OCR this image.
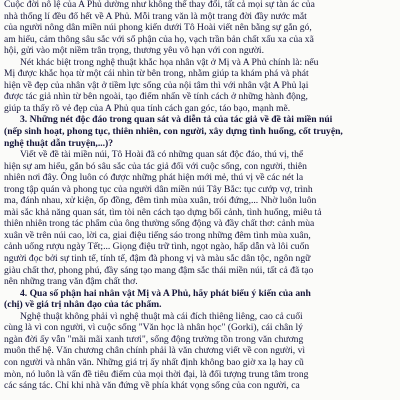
Cuộc đời nô lệ của A Phủ dường như không thể thay đổi, tất cả mọi sự tàn ác của
nhà thống lí đều đổ hết về A Phủ. Mỗi trang văn là một trang đời đầy nước mắt
của người nông dân miền núi phong kiến dưới Tô Hoài viết nên bằng sự gắn gó,
am hiểu, cảm thông sâu sắc với số phận của họ, vạch trần bản chất xấu xa của xã
hội, gửi vào một niềm trân trọng, thương yêu vô hạn với con người.
Nét khác biệt trong nghệ thuật khắc họa nhân vật ở Mị và A Phủ chính là: nếu
Mị được khắc họa từ một cái nhìn từ bên trong, nhằm giúp ta khám phá và phát
hiện về đẹp của nhân vật ở tiềm lực sống của nội tâm thì với nhân vật A Phủ lại
được tác giả nhìn từ bên ngoài, tạo điểm nhấn về tính cách ở những hành động,
giúp ta thấy rõ vẻ đẹp của A Phủ qua tính cách gan góc, táo bạo, mạnh mẽ.
3. Những nét độc đáo trong quan sát và diễn tả của tác giả về đề tài miền núi
(nếp sinh hoạt, phong tục, thiên nhiên, con người, xây dựng tình huống, cốt truyện,
nghệ thuật dẫn truyện,...)?
Viết về đề tài miền núi, Tô Hoài đã có những quan sát độc đáo, thú vị, thể
hiện sự am hiểu, gắn bó sâu sắc của tác giả đối với cuộc sống, con người, thiên
nhiên nơi đây. Ông luôn có được những phát hiện mới mẻ, thú vị về các nét la
trong tập quán và phong tục của người dân miền núi Tây Bắc: tục cướp vợ, trình
ma, đánh nhau, xử kiện, ốp đồng, đêm tình mùa xuân, trói đứng,... Nhờ luôn luôn
mài sắc khả năng quan sát, tìm tòi nên cách tạo dựng bối cảnh, tình huống, miêu tả
thiên nhiên trong tác phẩm của ông thường sống động và đầy chất thơ: cảnh mùa
xuân về trên núi cao, lời ca, giai điệu tiếng sáo trong những đêm tình mùa xuân,
cảnh uống rượu ngày Tết;... Giọng điệu trữ tình, ngọt ngào, hấp dẫn và lôi cuốn
người đọc bởi sự tinh tế, tính tế, đậm đà phong vị và màu sắc dân tộc, ngôn ngữ
giàu chất thơ, phong phú, đầy sáng tạo mang đậm sắc thái miền núi, tất cả đã tạo
nên những trang văn đậm chất thơ.
4. Qua số phận hai nhân vật Mị và A Phủ, hãy phát biểu ý kiến của anh
(chị) về giá trị nhân đạo của tác phẩm.
Nghệ thuật không phải vì nghệ thuật mà cái đích thiêng liêng, cao cả cuối
cùng là vì con người, vì cuộc sống "Văn học là nhân học" (Gorki), cái chân lý
ngàn đời ấy vẫn "mãi mãi xanh tươi", sống động trường tồn trong văn chương
muôn thế hệ. Văn chương chân chính phải là văn chương viết về con người, vì
con người và nhân văn. Những giá trị ấy nhất định không bao giờ xa lạ hay cũ
mòn, nó luôn là vấn đề tiêu điểm của mọi thời đại, là đối tượng trung tâm trong
các sáng tác. Chỉ khi nhà văn đứng về phía khát vọng sống của con người, ca
